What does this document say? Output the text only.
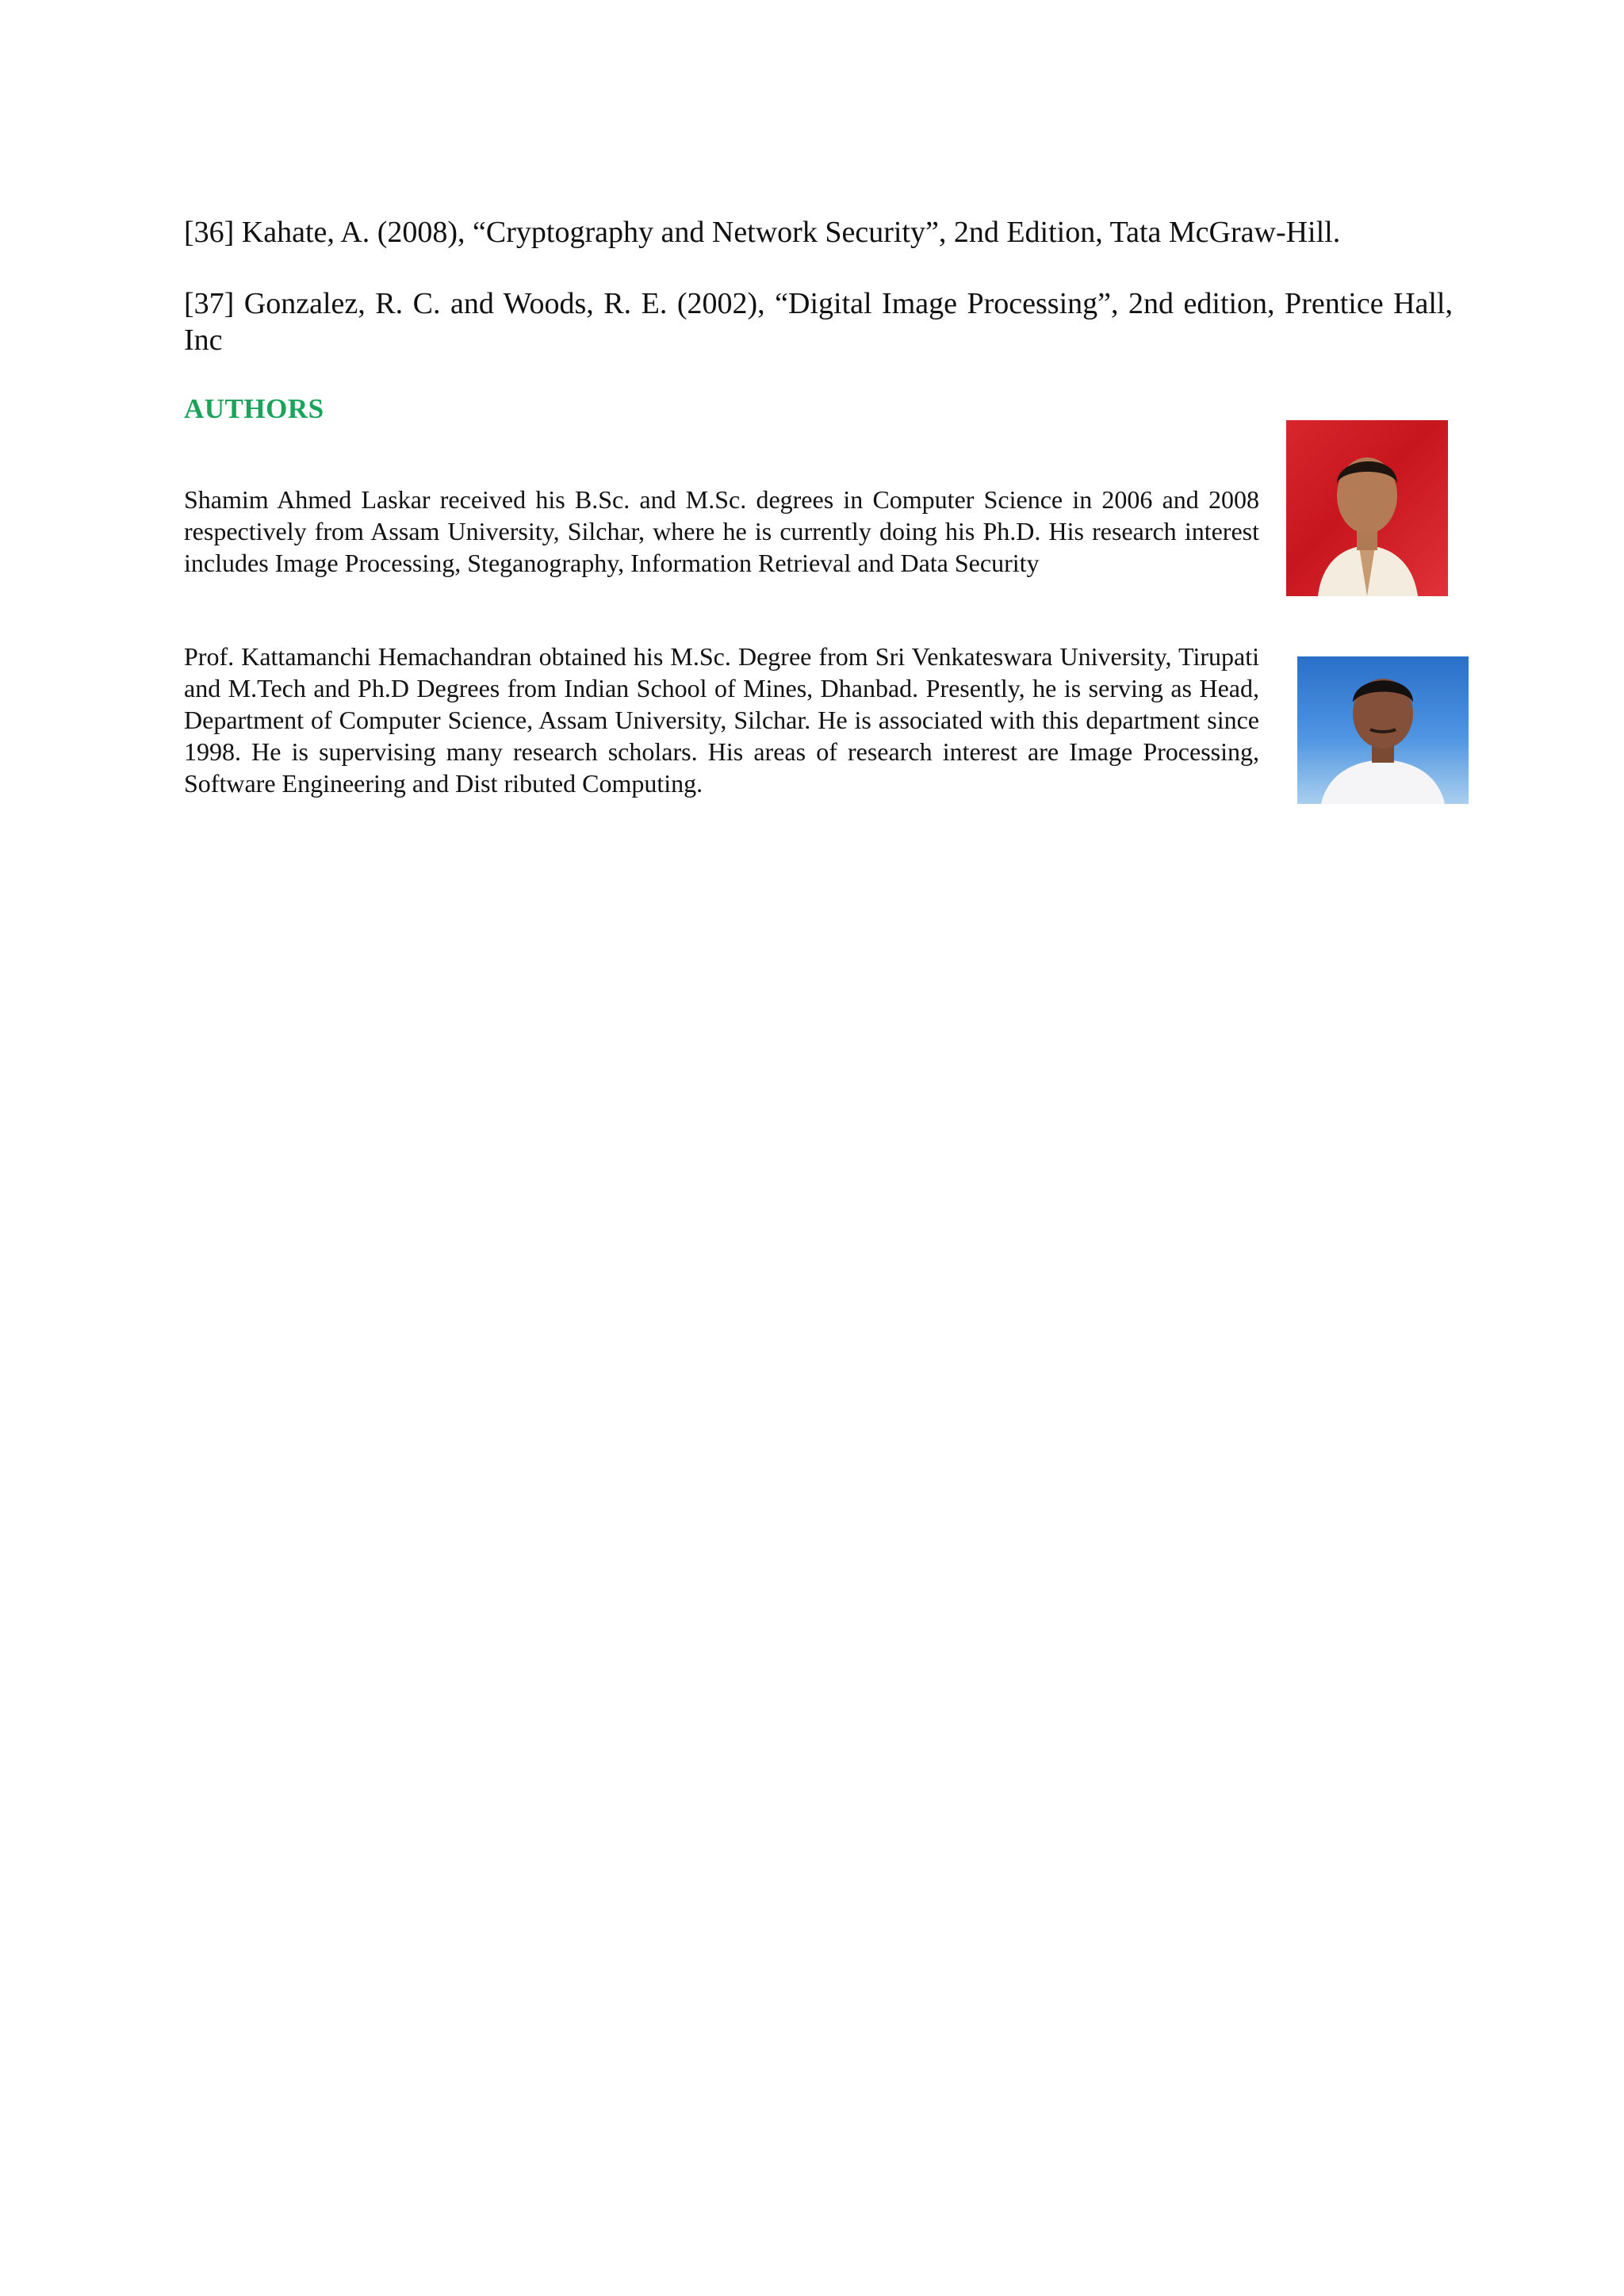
[36] Kahate, A. (2008), “Cryptography and Network Security”, 2nd Edition, Tata McGraw-Hill.

[37] Gonzalez, R. C. and Woods, R. E. (2002), “Digital Image Processing”, 2nd edition, Prentice Hall, Inc

AUTHORS

Shamim Ahmed Laskar received his B.Sc. and M.Sc. degrees in Computer Science in 2006 and 2008 respectively from Assam University, Silchar, where he is currently doing his Ph.D. His research interest includes Image Processing, Steganography, Information Retrieval and Data Security

Prof. Kattamanchi Hemachandran obtained his M.Sc. Degree from Sri Venkateswara University, Tirupati and M.Tech and Ph.D Degrees from Indian School of Mines, Dhanbad. Presently, he is serving as Head, Department of Computer Science, Assam University, Silchar. He is associated with this department since 1998. He is supervising many research scholars. His areas of research interest are Image Processing, Software Engineering and Dist ributed Computing.
